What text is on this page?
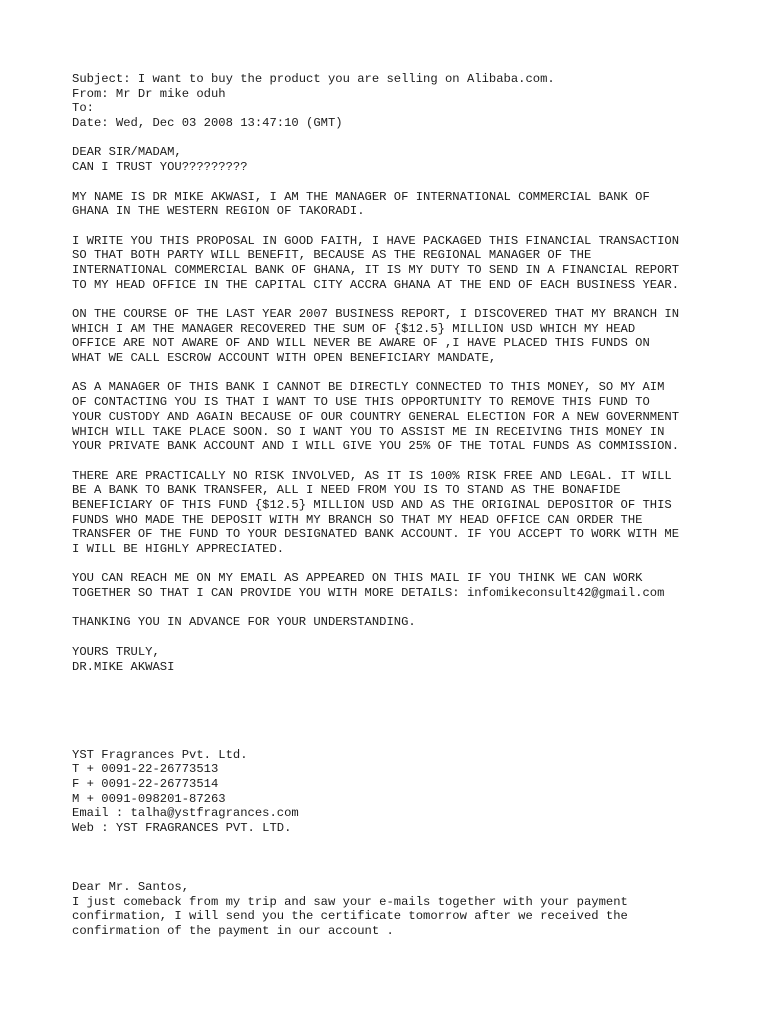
Subject: I want to buy the product you are selling on Alibaba.com.
From: Mr Dr mike oduh
To:
Date: Wed, Dec 03 2008 13:47:10 (GMT)
DEAR SIR/MADAM,
CAN I TRUST YOU?????????
MY NAME IS DR MIKE AKWASI, I AM THE MANAGER OF INTERNATIONAL COMMERCIAL BANK OF
GHANA IN THE WESTERN REGION OF TAKORADI.
I WRITE YOU THIS PROPOSAL IN GOOD FAITH, I HAVE PACKAGED THIS FINANCIAL TRANSACTION
SO THAT BOTH PARTY WILL BENEFIT, BECAUSE AS THE REGIONAL MANAGER OF THE
INTERNATIONAL COMMERCIAL BANK OF GHANA, IT IS MY DUTY TO SEND IN A FINANCIAL REPORT
TO MY HEAD OFFICE IN THE CAPITAL CITY ACCRA GHANA AT THE END OF EACH BUSINESS YEAR.
ON THE COURSE OF THE LAST YEAR 2007 BUSINESS REPORT, I DISCOVERED THAT MY BRANCH IN
WHICH I AM THE MANAGER RECOVERED THE SUM OF {$12.5} MILLION USD WHICH MY HEAD
OFFICE ARE NOT AWARE OF AND WILL NEVER BE AWARE OF ,I HAVE PLACED THIS FUNDS ON
WHAT WE CALL ESCROW ACCOUNT WITH OPEN BENEFICIARY MANDATE,
AS A MANAGER OF THIS BANK I CANNOT BE DIRECTLY CONNECTED TO THIS MONEY, SO MY AIM
OF CONTACTING YOU IS THAT I WANT TO USE THIS OPPORTUNITY TO REMOVE THIS FUND TO
YOUR CUSTODY AND AGAIN BECAUSE OF OUR COUNTRY GENERAL ELECTION FOR A NEW GOVERNMENT
WHICH WILL TAKE PLACE SOON. SO I WANT YOU TO ASSIST ME IN RECEIVING THIS MONEY IN
YOUR PRIVATE BANK ACCOUNT AND I WILL GIVE YOU 25% OF THE TOTAL FUNDS AS COMMISSION.
THERE ARE PRACTICALLY NO RISK INVOLVED, AS IT IS 100% RISK FREE AND LEGAL. IT WILL
BE A BANK TO BANK TRANSFER, ALL I NEED FROM YOU IS TO STAND AS THE BONAFIDE
BENEFICIARY OF THIS FUND {$12.5} MILLION USD AND AS THE ORIGINAL DEPOSITOR OF THIS
FUNDS WHO MADE THE DEPOSIT WITH MY BRANCH SO THAT MY HEAD OFFICE CAN ORDER THE
TRANSFER OF THE FUND TO YOUR DESIGNATED BANK ACCOUNT. IF YOU ACCEPT TO WORK WITH ME
I WILL BE HIGHLY APPRECIATED.
YOU CAN REACH ME ON MY EMAIL AS APPEARED ON THIS MAIL IF YOU THINK WE CAN WORK
TOGETHER SO THAT I CAN PROVIDE YOU WITH MORE DETAILS: infomikeconsult42@gmail.com
THANKING YOU IN ADVANCE FOR YOUR UNDERSTANDING.
YOURS TRULY,
DR.MIKE AKWASI
YST Fragrances Pvt. Ltd.
T + 0091-22-26773513
F + 0091-22-26773514
M + 0091-098201-87263
Email : talha@ystfragrances.com
Web : YST FRAGRANCES PVT. LTD.
Dear Mr. Santos,
I just comeback from my trip and saw your e-mails together with your payment
confirmation, I will send you the certificate tomorrow after we received the
confirmation of the payment in our account .
